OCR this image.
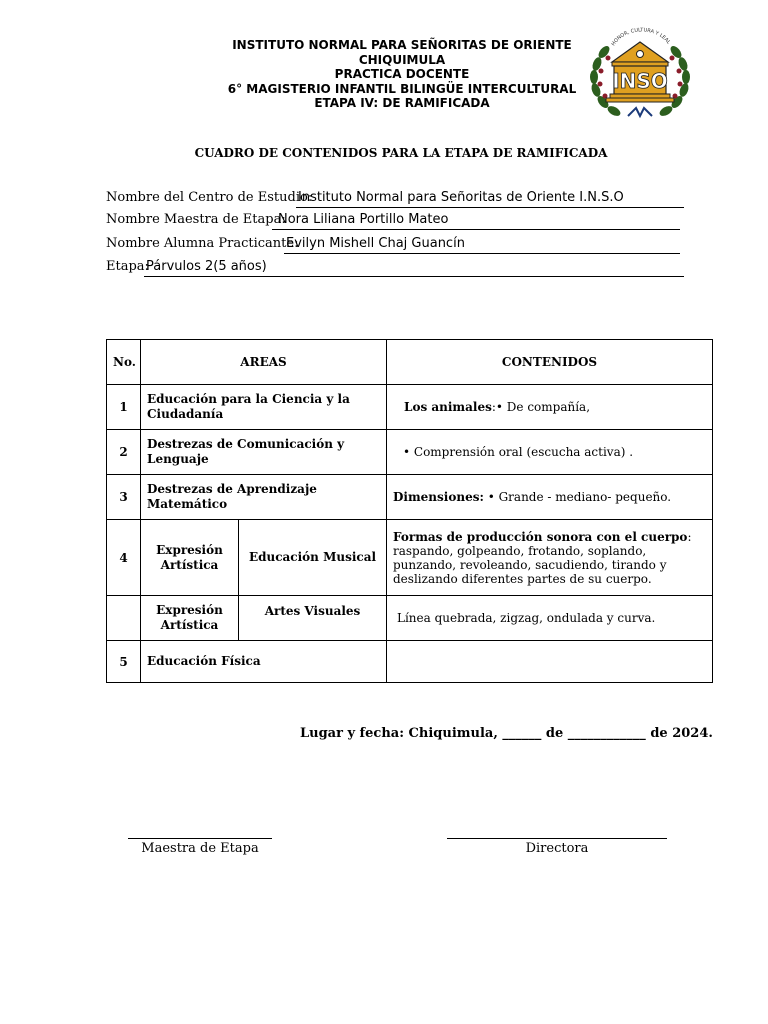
INSTITUTO NORMAL PARA SEÑORITAS DE ORIENTE
CHIQUIMULA
PRACTICA DOCENTE
6° MAGISTERIO INFANTIL BILINGÜE INTERCULTURAL
ETAPA IV: DE RAMIFICADA
HONOR, CULTURA Y LEAL
INSO
CUADRO DE CONTENIDOS PARA LA ETAPA DE RAMIFICADA
Nombre del Centro de Estudio:
Instituto Normal para Señoritas de Oriente I.N.S.O
Nombre Maestra de Etapa:
Nora Liliana Portillo Mateo
Nombre Alumna Practicante:
Evilyn Mishell Chaj Guancín
Etapa:
Párvulos 2(5 años)
No.	AREAS		CONTENIDOS
1	Educación para la Ciencia y la Ciudadanía		Los animales:• De compañía,
2	Destrezas de Comunicación y Lenguaje		• Comprensión oral (escucha activa) .
3	Destrezas de Aprendizaje Matemático		Dimensiones: • Grande - mediano- pequeño.
4	Expresión Artística	Educación Musical	Formas de producción sonora con el cuerpo: raspando, golpeando, frotando, soplando, punzando, revoleando, sacudiendo, tirando y deslizando diferentes partes de su cuerpo.
	Expresión Artística	Artes Visuales	Línea quebrada, zigzag, ondulada y curva.
5	Educación Física		
Lugar y fecha: Chiquimula, ______ de ____________ de 2024.
Maestra de Etapa	Directora
